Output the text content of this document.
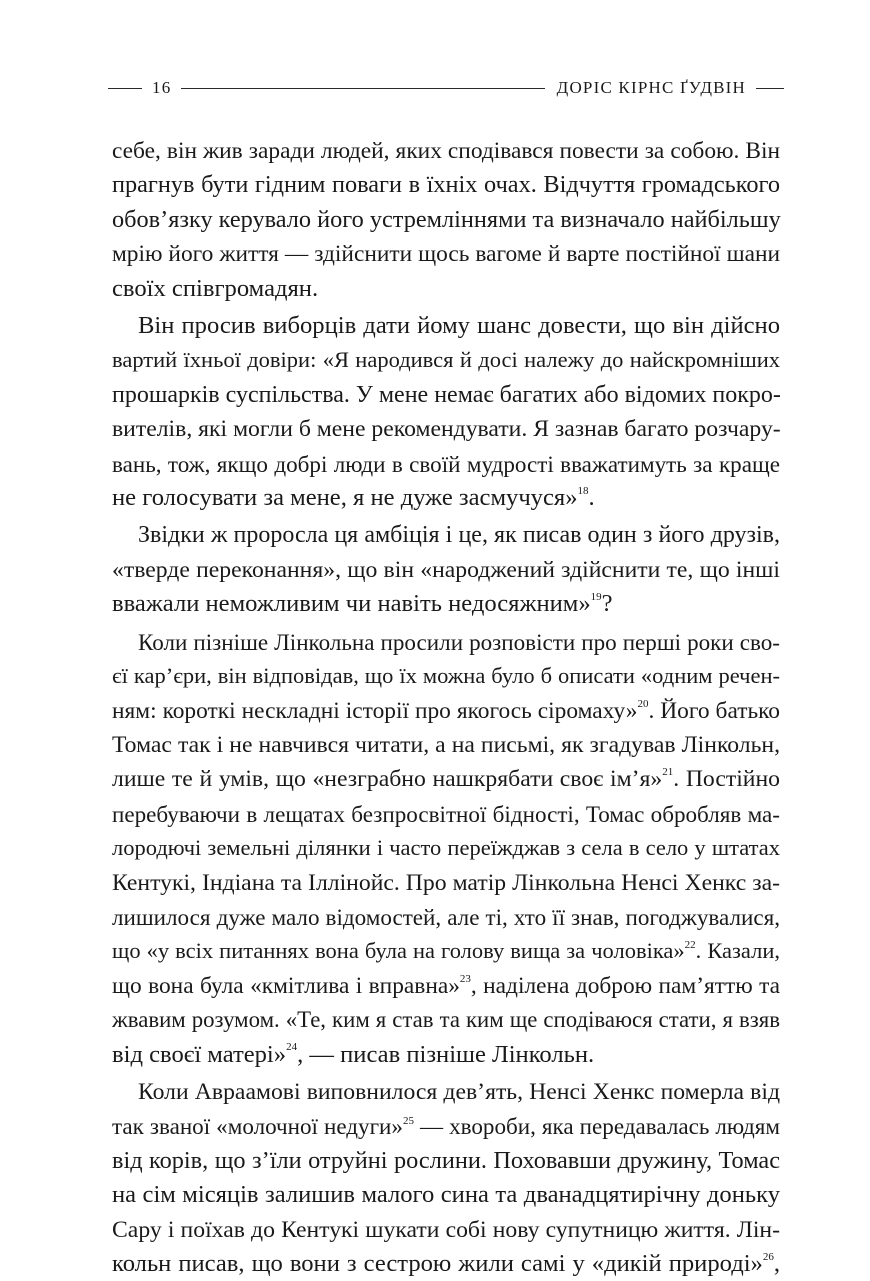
16	ДОРІС КІРНС ҐУДВІН
себе, він жив заради людей, яких сподівався повести за собою. Він
прагнув бути гідним поваги в їхніх очах. Відчуття громадського
обов’язку керувало його устремліннями та визначало найбільшу
мрію його життя — здійснити щось вагоме й варте постійної шани
своїх співгромадян.
Він просив виборців дати йому шанс довести, що він дійсно
вартий їхньої довіри: «Я народився й досі належу до найскромніших
прошарків суспільства. У мене немає багатих або відомих покро-
вителів, які могли б мене рекомендувати. Я зазнав багато розчару-
вань, тож, якщо добрі люди в своїй мудрості вважатимуть за краще
не голосувати за мене, я не дуже засмучуся»$^{18}$.
Звідки ж проросла ця амбіція і це, як писав один з його друзів,
«тверде переконання», що він «народжений здійснити те, що інші
вважали неможливим чи навіть недосяжним»$^{19}$?
Коли пізніше Лінкольна просили розповісти про перші роки сво-
єї кар’єри, він відповідав, що їх можна було б описати «одним речен-
ням: короткі нескладні історії про якогось сіромаху»$^{20}$. Його батько
Томас так і не навчився читати, а на письмі, як згадував Лінкольн,
лише те й умів, що «незграбно нашкрябати своє ім’я»$^{21}$. Постійно
перебуваючи в лещатах безпросвітної бідності, Томас обробляв ма-
лородючі земельні ділянки і часто переїжджав з села в село у штатах
Кентукі, Індіана та Іллінойс. Про матір Лінкольна Ненсі Хенкс за-
лишилося дуже мало відомостей, але ті, хто її знав, погоджувалися,
що «у всіх питаннях вона була на голову вища за чоловіка»$^{22}$. Казали,
що вона була «кмітлива і вправна»$^{23}$, наділена доброю пам’яттю та
жвавим розумом. «Те, ким я став та ким ще сподіваюся стати, я взяв
від своєї матері»$^{24}$, — писав пізніше Лінкольн.
Коли Авраамові виповнилося дев’ять, Ненсі Хенкс померла від
так званої «молочної недуги»$^{25}$ — хвороби, яка передавалась людям
від корів, що з’їли отруйні рослини. Поховавши дружину, Томас
на сім місяців залишив малого сина та дванадцятирічну доньку
Сару і поїхав до Кентукі шукати собі нову супутницю життя. Лін-
кольн писав, що вони з сестрою жили самі у «дикій природі»$^{26}$,
